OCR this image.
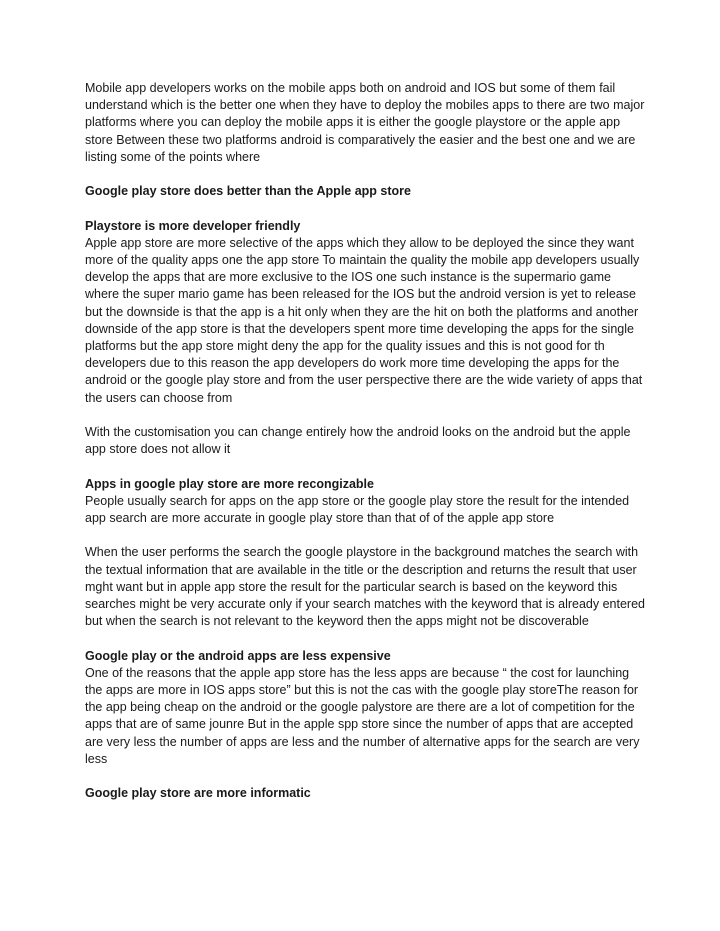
Mobile app developers works on the mobile apps both on android and IOS but some of them fail understand which is the better one when they have to deploy the mobiles apps to there are two major platforms where you can deploy the mobile apps it is either the google playstore or the apple app store Between these two platforms android is comparatively the easier and the best one and we are listing some of the points where

Google play store does better than the Apple app store

Playstore is more developer friendly

Apple app store are more selective of the apps which they allow to be deployed the since they want more of the quality apps one the app store To maintain the quality the mobile app developers usually develop the apps that are more exclusive to the IOS one such instance is the supermario game where the super mario game has been released for the IOS but the android version is yet to release but the downside is that the app is a hit only when they are the hit on both the platforms and another downside of the app store is that the developers spent more time developing the apps for the single platforms but the app store might deny the app for the quality issues and this is not good for th developers due to this reason the app developers do work more time developing the apps for the android or the google play store and from the user perspective there are the wide variety of apps that the users can choose from

With the customisation you can change entirely how the android looks on the android but the apple app store does not allow it

Apps in google play store are more recongizable

People usually search for apps on the app store or the google play store the result for the intended app search are more accurate in google play store than that of of the apple app store

When the user performs the search the google playstore in the background matches the search with the textual information that are available in the title or the description and returns the result that user mght want but in apple app store the result for the particular search is based on the keyword this searches might be very accurate only if your search matches with the keyword that is already entered but when the search is not relevant to the keyword then the apps might not be discoverable

Google play or the android apps are less expensive

One of the reasons that the apple app store has the less apps are because “ the cost for launching the apps are more in IOS apps store” but this is not the cas with the google play storeThe reason for the app being cheap on the android or the google palystore are there are a lot of competition for the apps that are of same jounre But in the apple spp store since the number of apps that are accepted are very less the number of apps are less and the number of alternative apps for the search are very less

Google play store are more informatic
